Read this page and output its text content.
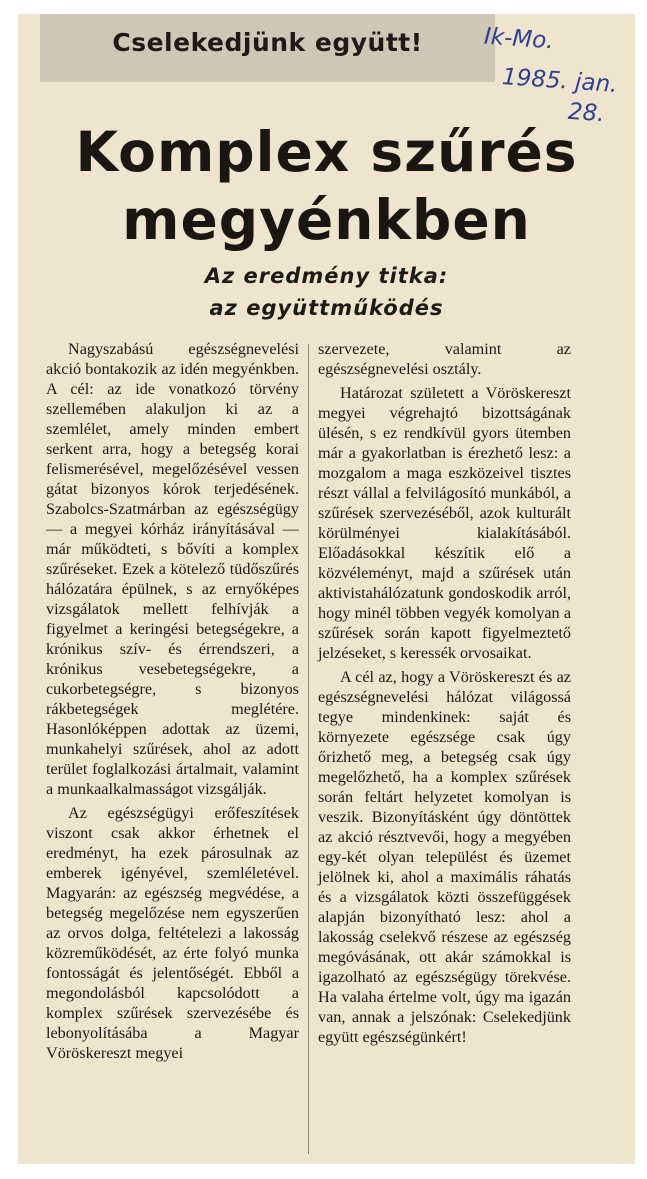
Cselekedjünk együtt!	Ik-Mo.
1985. jan.
28.
Komplex szűrés
megyénkben
Az eredmény titka:
az együttműködés

Nagyszabású egészségnevelési akció bontakozik az idén megyénkben. A cél: az ide vonatkozó törvény szellemében alakuljon ki az a szemlélet, amely minden embert serkent arra, hogy a betegség korai felismerésével, megelőzésével vessen gátat bizonyos kórok terjedésének. Szabolcs-Szatmárban az egészségügy — a megyei kórház irányításával — már működteti, s bővíti a komplex szűréseket. Ezek a kötelező tüdőszűrés hálózatára épülnek, s az ernyőképes vizsgálatok mellett felhívják a figyelmet a keringési betegségekre, a krónikus szív- és érrendszeri, a krónikus vesebetegségekre, a cukorbetegségre, s bizonyos rákbetegségek meglétére. Hasonlóképpen adottak az üzemi, munkahelyi szűrések, ahol az adott terület foglalkozási ártalmait, valamint a munkaalkalmasságot vizsgálják.

Az egészségügyi erőfeszítések viszont csak akkor érhetnek el eredményt, ha ezek párosulnak az emberek igényével, szemléletével. Magyarán: az egészség megvédése, a betegség megelőzése nem egyszerűen az orvos dolga, feltételezi a lakosság közreműködését, az érte folyó munka fontosságát és jelentőségét. Ebből a megondolásból kapcsolódott a komplex szűrések szervezésébe és lebonyolításába a Magyar Vöröskereszt megyei

szervezete, valamint az egészségnevelési osztály.

Határozat született a Vöröskereszt megyei végrehajtó bizottságának ülésén, s ez rendkívül gyors ütemben már a gyakorlatban is érezhető lesz: a mozgalom a maga eszközeivel tisztes részt vállal a felvilágosító munkából, a szűrések szervezéséből, azok kulturált körülményei kialakításából. Előadásokkal készítik elő a közvéleményt, majd a szűrések után aktivistahálózatunk gondoskodik arról, hogy minél többen vegyék komolyan a szűrések során kapott figyelmeztető jelzéseket, s keressék orvosaikat.

A cél az, hogy a Vöröskereszt és az egészségnevelési hálózat világossá tegye mindenkinek: saját és környezete egészsége csak úgy őrizhető meg, a betegség csak úgy megelőzhető, ha a komplex szűrések során feltárt helyzetet komolyan is veszik. Bizonyításként úgy döntöttek az akció résztvevői, hogy a megyében egy-két olyan települést és üzemet jelölnek ki, ahol a maximális ráhatás és a vizsgálatok közti összefüggések alapján bizonyítható lesz: ahol a lakosság cselekvő részese az egészség megóvásának, ott akár számokkal is igazolható az egészségügy törekvése. Ha valaha értelme volt, úgy ma igazán van, annak a jelszónak: Cselekedjünk együtt egészségünkért!
